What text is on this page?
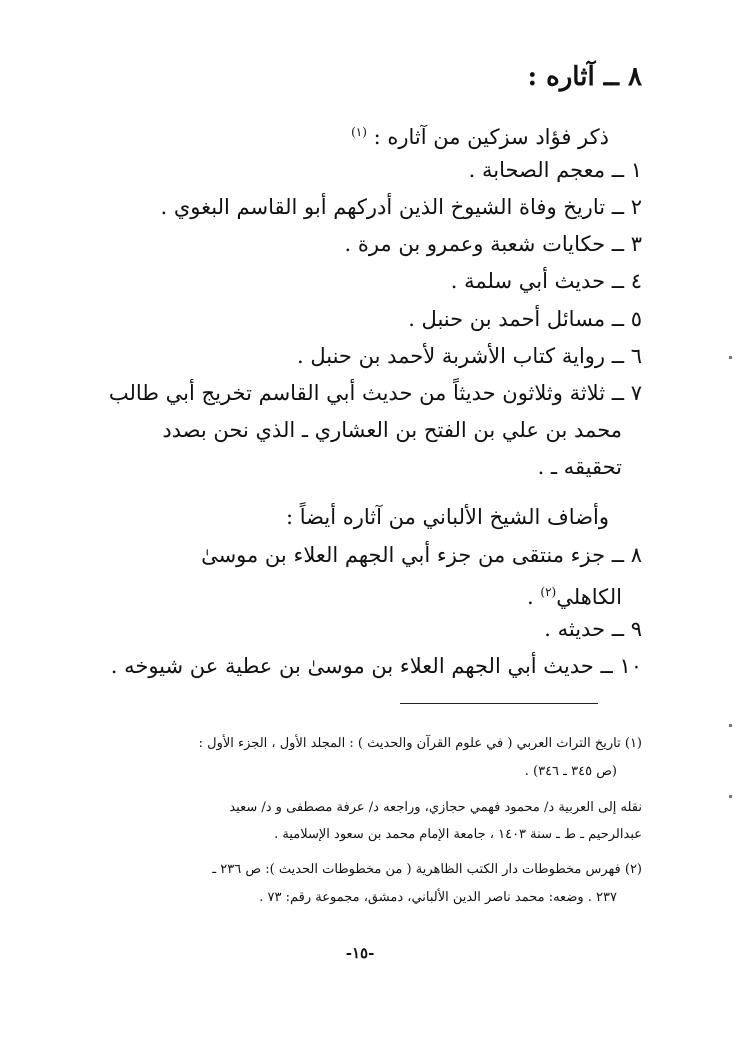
٨ ــ آثاره :
ذكر فؤاد سزكين من آثاره : $^{(١)}$
١ ــ معجم الصحابة .
٢ ــ تاريخ وفاة الشيوخ الذين أدركهم أبو القاسم البغوي .
٣ ــ حكايات شعبة وعمرو بن مرة .
٤ ــ حديث أبي سلمة .
٥ ــ مسائل أحمد بن حنبل .
٦ ــ رواية كتاب الأشربة لأحمد بن حنبل .
٧ ــ ثلاثة وثلاثون حديثاً من حديث أبي القاسم تخريج أبي طالب
محمد بن علي بن الفتح بن العشاري ـ الذي نحن بصدد
تحقيقه ـ .
وأضاف الشيخ الألباني من آثاره أيضاً :
٨ ــ جزء منتقى من جزء أبي الجهم العلاء بن موسىٰ
الكاهلي$^{(٢)}$ .
٩ ــ حديثه .
١٠ ــ حديث أبي الجهم العلاء بن موسىٰ بن عطية عن شيوخه .
(١) تاريخ التراث العربي ( في علوم القرآن والحديث ) : المجلد الأول ، الجزء الأول :
(ص ٣٤٥ ـ ٣٤٦) .
نقله إلى العربية د/ محمود فهمي حجازي، وراجعه د/ عرفة مصطفى و د/ سعيد
عبدالرحيم ـ ط ـ سنة ١٤٠٣ ، جامعة الإمام محمد بن سعود الإسلامية .
(٢) فهرس مخطوطات دار الكتب الظاهرية ( من مخطوطات الحديث ): ص ٢٣٦ ـ
٢٣٧ . وضعه: محمد ناصر الدين الألباني، دمشق، مجموعة رقم: ٧٣ .
-١٥-
